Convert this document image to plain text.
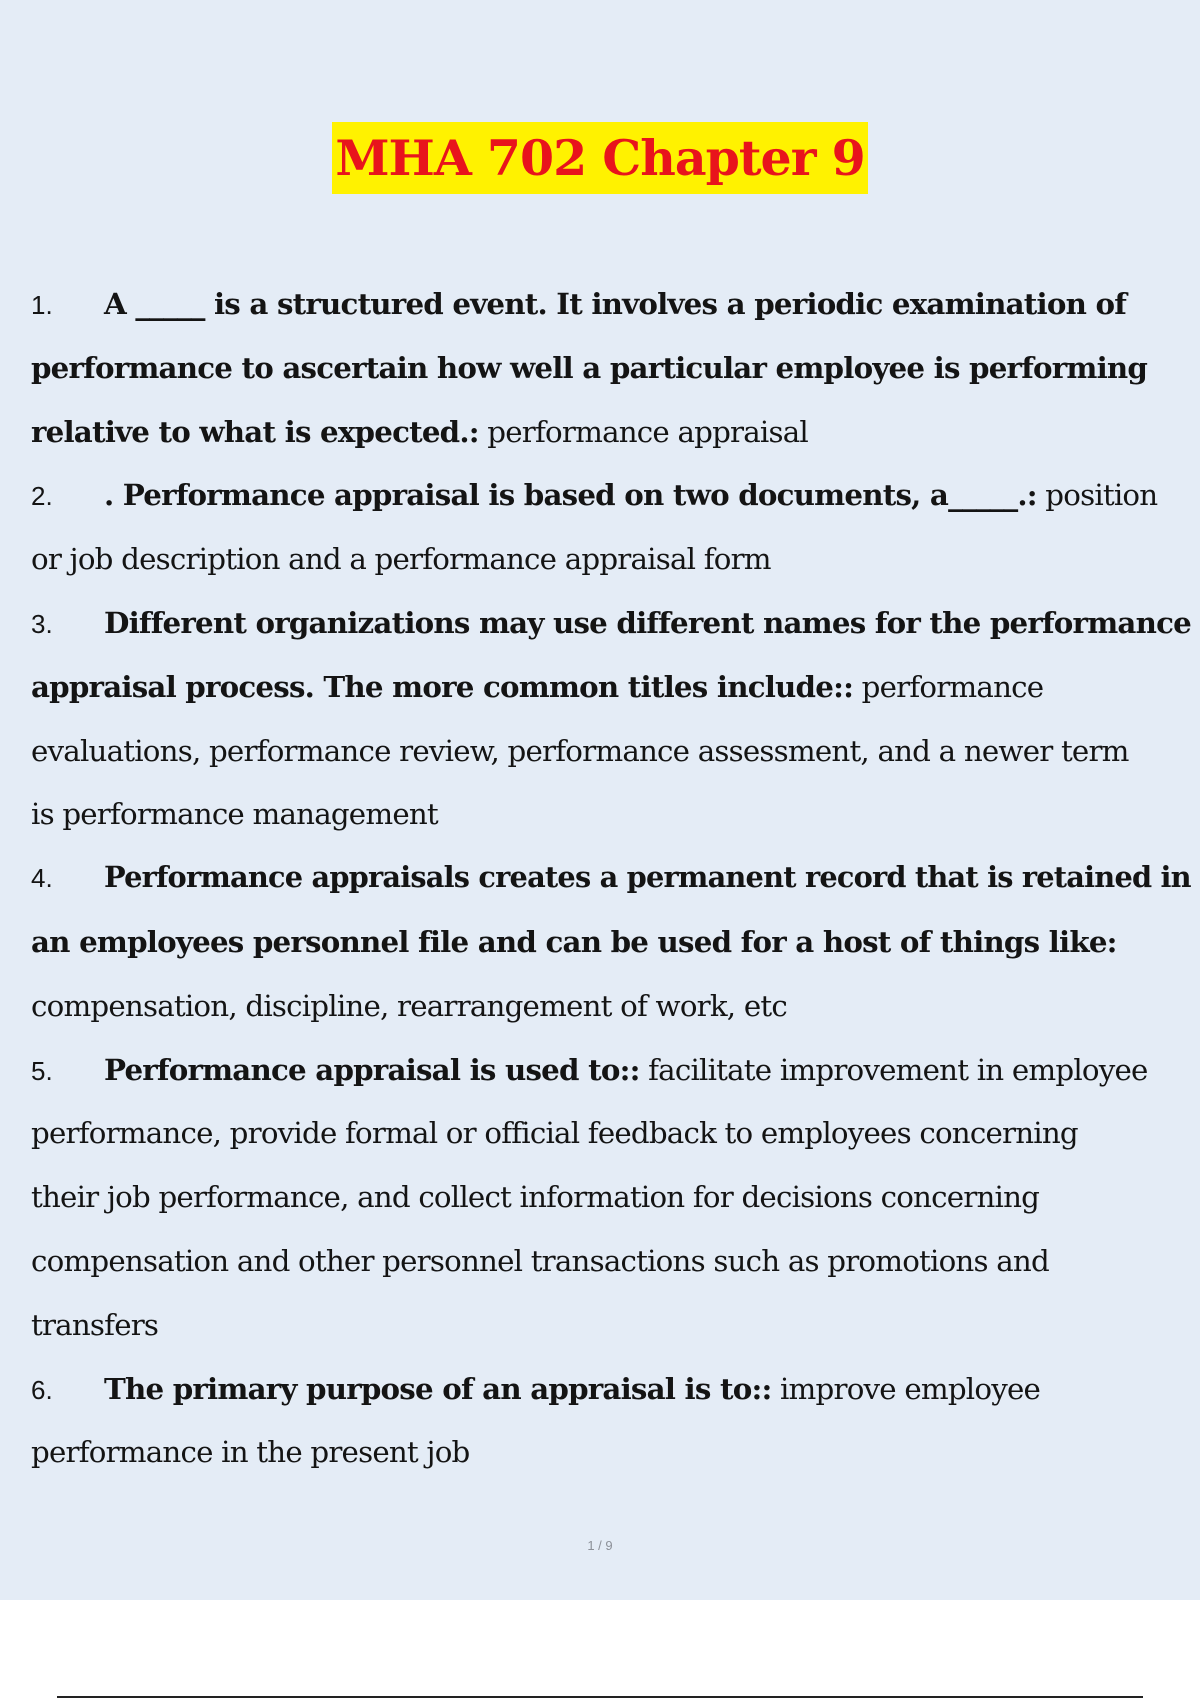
MHA 702 Chapter 9
1. A _____ is a structured event. It involves a periodic examination of
performance to ascertain how well a particular employee is performing
relative to what is expected.: performance appraisal
2. . Performance appraisal is based on two documents, a_____.: position
or job description and a performance appraisal form
3. Different organizations may use different names for the performance
appraisal process. The more common titles include:: performance
evaluations, performance review, performance assessment, and a newer term
is performance management
4. Performance appraisals creates a permanent record that is retained in
an employees personnel file and can be used for a host of things like:
compensation, discipline, rearrangement of work, etc
5. Performance appraisal is used to:: facilitate improvement in employee
performance, provide formal or official feedback to employees concerning
their job performance, and collect information for decisions concerning
compensation and other personnel transactions such as promotions and
transfers
6. The primary purpose of an appraisal is to:: improve employee
performance in the present job
1 / 9
